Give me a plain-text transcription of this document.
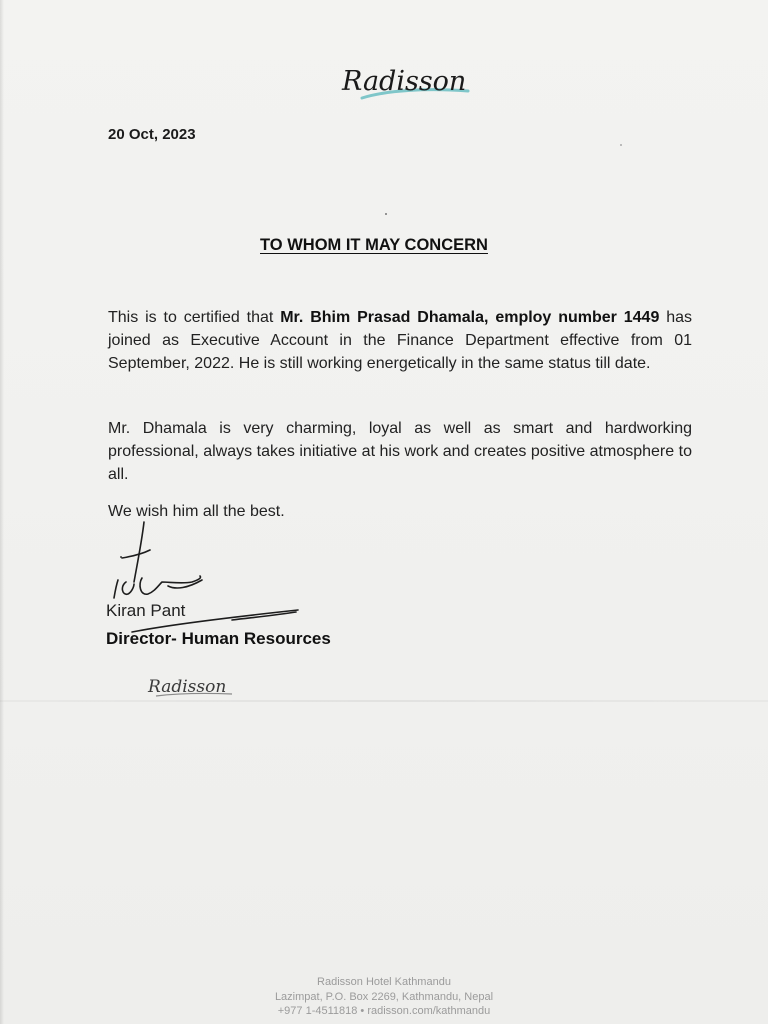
Radisson
20 Oct, 2023
TO WHOM IT MAY CONCERN
This is to certified that Mr. Bhim Prasad Dhamala, employ number 1449 has joined as Executive Account in the Finance Department effective from 01 September, 2022. He is still working energetically in the same status till date.
Mr. Dhamala is very charming, loyal as well as smart and hardworking professional, always takes initiative at his work and creates positive atmosphere to all.
We wish him all the best.
Kiran Pant
Director- Human Resources
Radisson
Radisson Hotel Kathmandu
Lazimpat, P.O. Box 2269, Kathmandu, Nepal
+977 1-4511818 • radisson.com/kathmandu
